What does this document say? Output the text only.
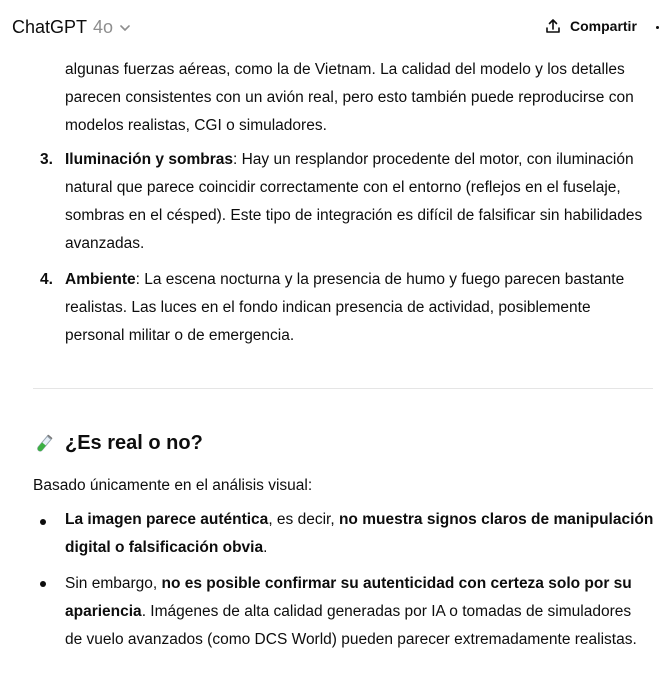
algunas fuerzas aéreas, como la de Vietnam. La calidad del modelo y los detalles
parecen consistentes con un avión real, pero esto también puede reproducirse con
modelos realistas, CGI o simuladores.
3. Iluminación y sombras: Hay un resplandor procedente del motor, con iluminación
natural que parece coincidir correctamente con el entorno (reflejos en el fuselaje,
sombras en el césped). Este tipo de integración es difícil de falsificar sin habilidades
avanzadas.
4. Ambiente: La escena nocturna y la presencia de humo y fuego parecen bastante
realistas. Las luces en el fondo indican presencia de actividad, posiblemente
personal militar o de emergencia.
¿Es real o no?
Basado únicamente en el análisis visual:
La imagen parece auténtica, es decir, no muestra signos claros de manipulación
digital o falsificación obvia.
Sin embargo, no es posible confirmar su autenticidad con certeza solo por su
apariencia. Imágenes de alta calidad generadas por IA o tomadas de simuladores
de vuelo avanzados (como DCS World) pueden parecer extremadamente realistas.
ChatGPT 4o	Compartir
